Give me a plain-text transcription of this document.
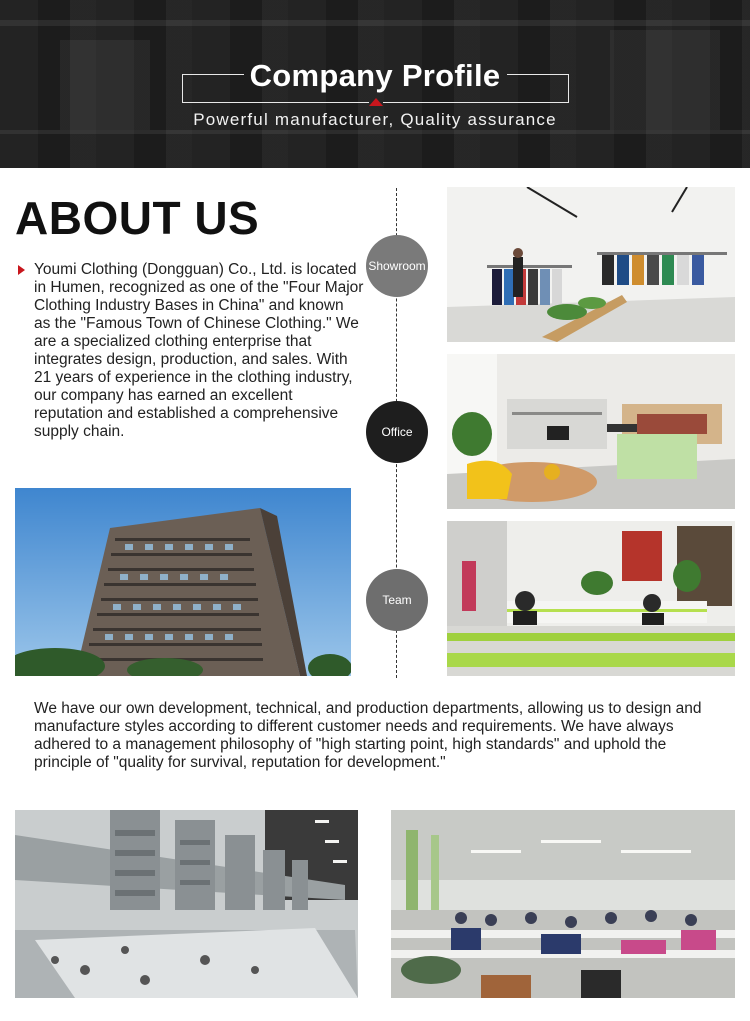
Company Profile
Powerful manufacturer, Quality assurance
ABOUT US
Youmi Clothing (Dongguan) Co., Ltd. is located in Humen, recognized as one of the "Four Major Clothing Industry Bases in China" and known as the "Famous Town of Chinese Clothing." We are a specialized clothing enterprise that integrates design, production, and sales. With 21 years of experience in the clothing industry, our company has earned an excellent reputation and established a comprehensive supply chain.
Showroom
Office
Team
We have our own development, technical, and production departments, allowing us to design and manufacture styles according to different customer needs and requirements. We have always adhered to a management philosophy of "high starting point, high standards" and uphold the principle of "quality for survival, reputation for development."
